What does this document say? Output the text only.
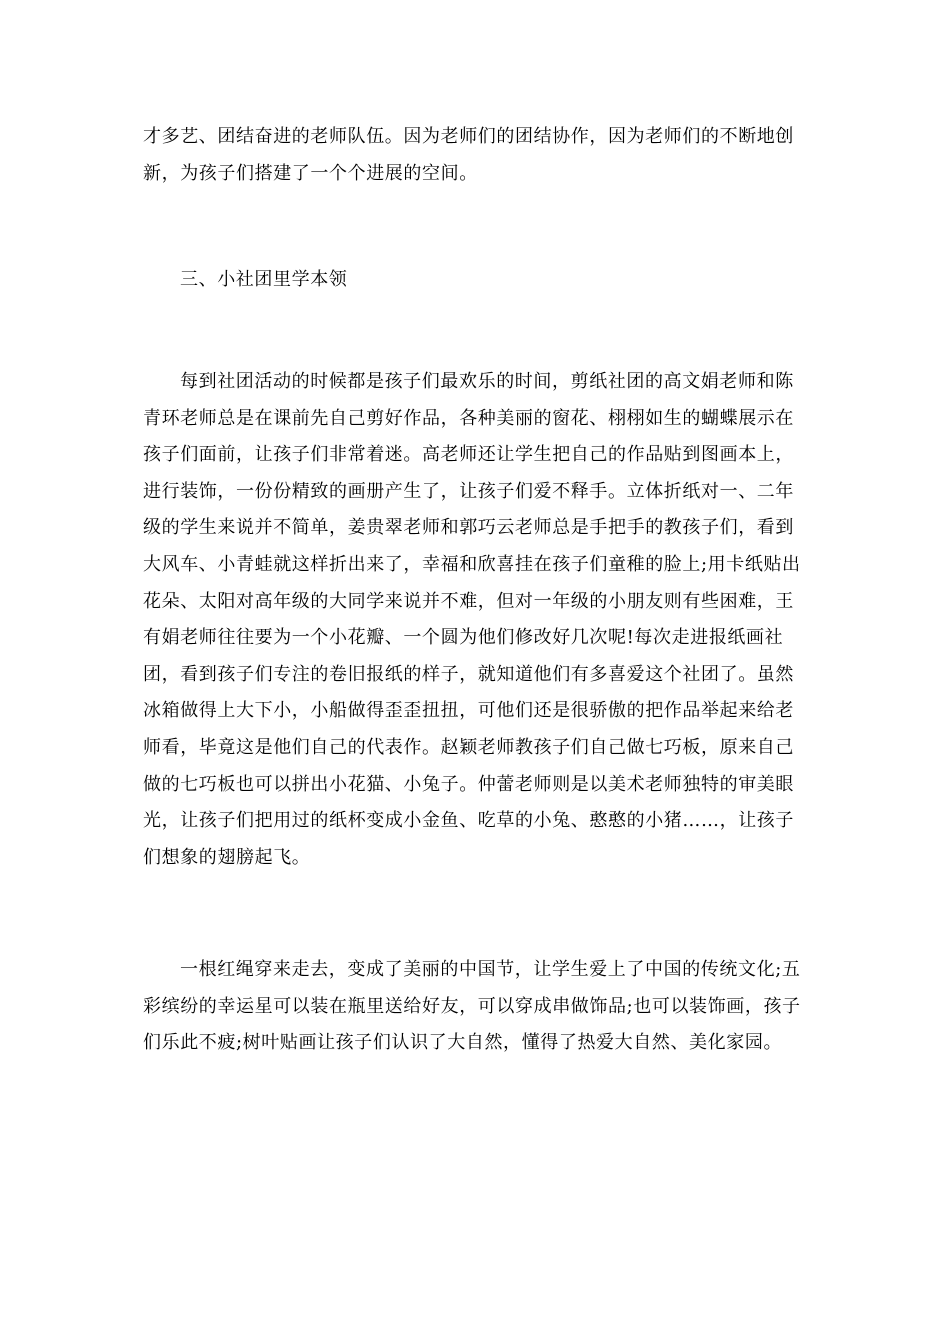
才多艺、团结奋进的老师队伍。因为老师们的团结协作，因为老师们的不断地创新，为孩子们搭建了一个个进展的空间。

三、小社团里学本领

每到社团活动的时候都是孩子们最欢乐的时间，剪纸社团的高文娟老师和陈青环老师总是在课前先自己剪好作品，各种美丽的窗花、栩栩如生的蝴蝶展示在孩子们面前，让孩子们非常着迷。高老师还让学生把自己的作品贴到图画本上，进行装饰，一份份精致的画册产生了，让孩子们爱不释手。立体折纸对一、二年级的学生来说并不简单，姜贵翠老师和郭巧云老师总是手把手的教孩子们，看到大风车、小青蛙就这样折出来了，幸福和欣喜挂在孩子们童稚的脸上;用卡纸贴出花朵、太阳对高年级的大同学来说并不难，但对一年级的小朋友则有些困难，王有娟老师往往要为一个小花瓣、一个圆为他们修改好几次呢!每次走进报纸画社团，看到孩子们专注的卷旧报纸的样子，就知道他们有多喜爱这个社团了。虽然冰箱做得上大下小，小船做得歪歪扭扭，可他们还是很骄傲的把作品举起来给老师看，毕竟这是他们自己的代表作。赵颖老师教孩子们自己做七巧板，原来自己做的七巧板也可以拼出小花猫、小兔子。仲蕾老师则是以美术老师独特的审美眼光，让孩子们把用过的纸杯变成小金鱼、吃草的小兔、憨憨的小猪……，让孩子们想象的翅膀起飞。

一根红绳穿来走去，变成了美丽的中国节，让学生爱上了中国的传统文化;五彩缤纷的幸运星可以装在瓶里送给好友，可以穿成串做饰品;也可以装饰画，孩子们乐此不疲;树叶贴画让孩子们认识了大自然，懂得了热爱大自然、美化家园。
